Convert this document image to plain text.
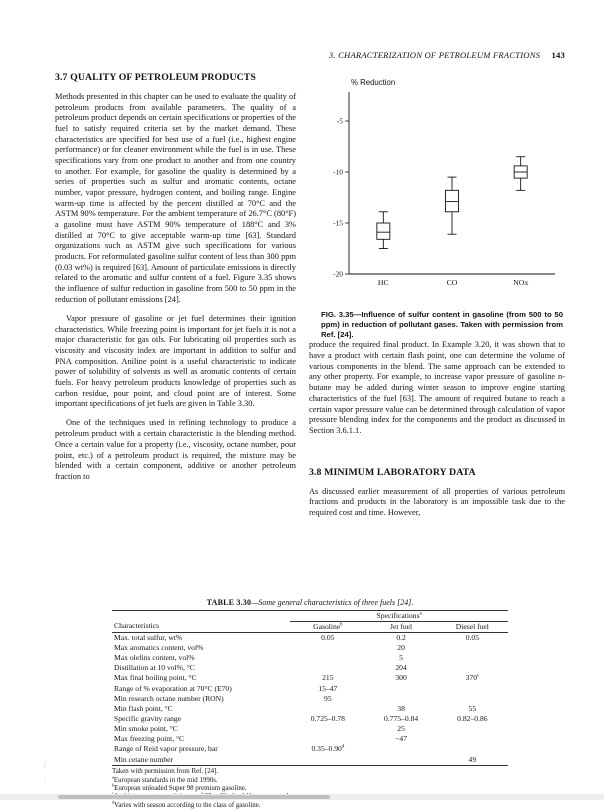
3. CHARACTERIZATION OF PETROLEUM FRACTIONS 143
3.7 QUALITY OF PETROLEUM PRODUCTS

Methods presented in this chapter can be used to evaluate the quality of petroleum products from available parameters. The quality of a petroleum product depends on certain specifications or properties of the fuel to satisfy required criteria set by the market demand. These characteristics are specified for best use of a fuel (i.e., highest engine performance) or for cleaner environment while the fuel is in use. These specifications vary from one product to another and from one country to another. For example, for gasoline the quality is determined by a series of properties such as sulfur and aromatic contents, octane number, vapor pressure, hydrogen content, and boiling range. Engine warm-up time is affected by the percent distilled at 70°C and the ASTM 90% temperature. For the ambient temperature of 26.7°C (80°F) a gasoline must have ASTM 90% temperature of 188°C and 3% distilled at 70°C to give acceptable warm-up time [63]. Standard organizations such as ASTM give such specifications for various products. For reformulated gasoline sulfur content of less than 300 ppm (0.03 wt%) is required [63]. Amount of particulate emissions is directly related to the aromatic and sulfur content of a fuel. Figure 3.35 shows the influence of sulfur reduction in gasoline from 500 to 50 ppm in the reduction of pollutant emissions [24].

Vapor pressure of gasoline or jet fuel determines their ignition characteristics. While freezing point is important for jet fuels it is not a major characteristic for gas oils. For lubricating oil properties such as viscosity and viscosity index are important in addition to sulfur and PNA composition. Aniline point is a useful characteristic to indicate power of solubility of solvents as well as aromatic contents of certain fuels. For heavy petroleum products knowledge of properties such as carbon residue, pour point, and cloud point are of interest. Some important specifications of jet fuels are given in Table 3.30.

One of the techniques used in refining technology to produce a petroleum product with a certain characteristic is the blending method. Once a certain value for a property (i.e., viscosity, octane number, pour point, etc.) of a petroleum product is required, the mixture may be blended with a certain component, additive or another petroleum fraction to

% Reduction
-5
-10
-15
-20
HC	CO	NOx
FIG. 3.35—Influence of sulfur content in gasoline (from 500 to 50 ppm) in reduction of pollutant gases. Taken with permission from Ref. [24].

produce the required final product. In Example 3.20, it was shown that to have a product with certain flash point, one can determine the volume of various components in the blend. The same approach can be extended to any other property. For example, to increase vapor pressure of gasoline n-butane may be added during winter season to improve engine starting characteristics of the fuel [63]. The amount of required butane to reach a certain vapor pressure value can be determined through calculation of vapor pressure blending index for the components and the product as discussed in Section 3.6.1.1.

3.8 MINIMUM LABORATORY DATA

As discussed earlier measurement of all properties of various petroleum fractions and products in the laboratory is an impossible task due to the required cost and time. However,

TABLE 3.30—Some general characteristics of three fuels [24].
	Specifications$^a$
Characteristics	Gasoline$^b$	Jet fuel	Diesel fuel
Max. total sulfur, wt%	0.05	0.2	0.05
Max aromatics content, vol%		20	
Max olefins content, vol%		5	
Distillation at 10 vol%, °C		204	
Max final boiling point, °C	215	300	370$^c$
Range of % evaporation at 70°C (E70)	15–47		
Min research octane number (RON)	95		
Min flash point, °C		38	55
Specific gravity range	0.725–0.78	0.775–0.84	0.82–0.86
Min smoke point, °C		25	
Max freezing point, °C		−47	
Range of Reid vapor pressure, bar	0.35–0.90$^d$		
Min cetane number			49
Taken with permission from Ref. [24].
$^a$European standards in the mid 1990s.
$^b$European unleaded Super 98 premium gasoline.
$^d$Varies with season according to the class of gasoline.
j
;
